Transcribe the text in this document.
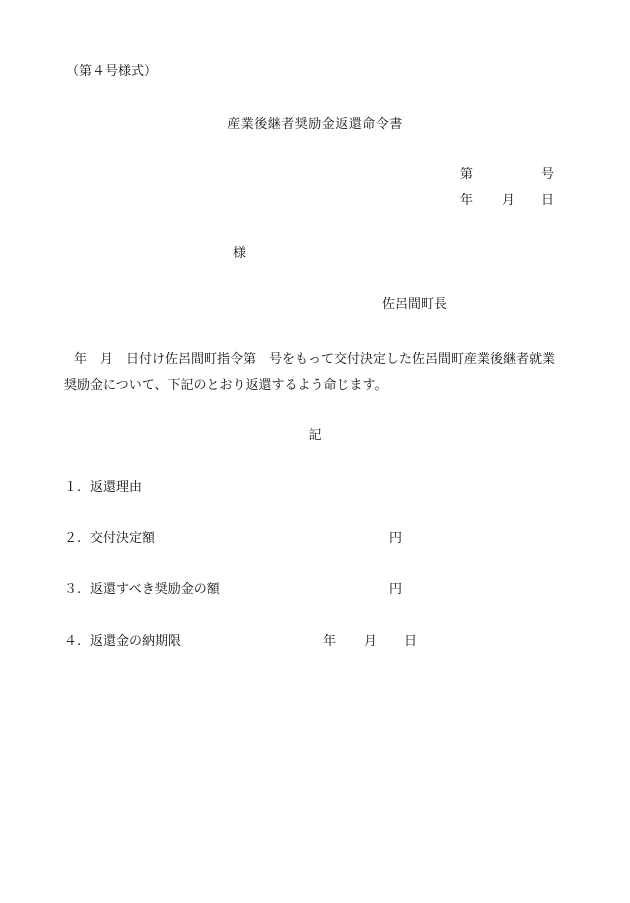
（第４号様式）
産業後継者奨励金返還命令書
第	号
年 月 日
様
佐呂間町長
年　月　日付け佐呂間町指令第　号をもって交付決定した佐呂間町産業後継者就業奨励金について、下記のとおり返還するよう命じます。
記
１. 返還理由
２. 交付決定額	円
３. 返還すべき奨励金の額	円
４. 返還金の納期限	年 月 日
